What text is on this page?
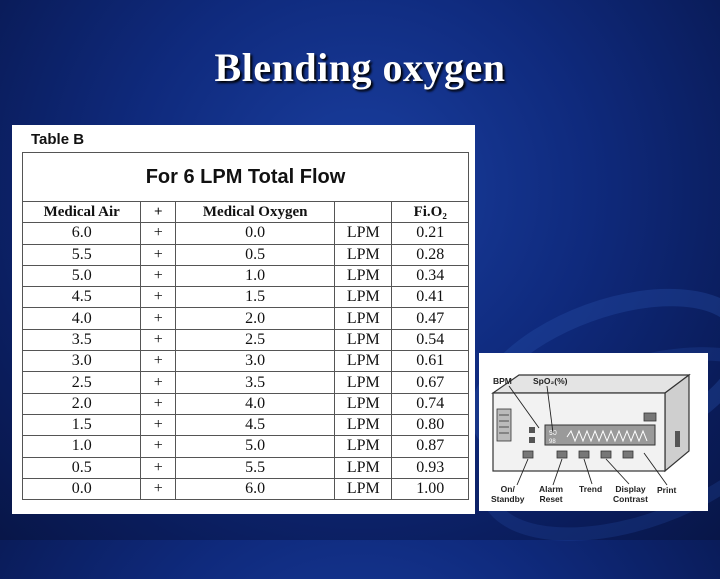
Blending oxygen
Table B
For 6 LPM Total Flow				
Medical Air	+	Medical Oxygen		Fi.O₂
6.0	+	0.0	LPM	0.21
5.5	+	0.5	LPM	0.28
5.0	+	1.0	LPM	0.34
4.5	+	1.5	LPM	0.41
4.0	+	2.0	LPM	0.47
3.5	+	2.5	LPM	0.54
3.0	+	3.0	LPM	0.61
2.5	+	3.5	LPM	0.67
2.0	+	4.0	LPM	0.74
1.5	+	4.5	LPM	0.80
1.0	+	5.0	LPM	0.87
0.5	+	5.5	LPM	0.93
0.0	+	6.0	LPM	1.00
90
98
BPM SpO₂(%)
On/
Standby
Alarm
Reset
Trend Display
Contrast
Print
